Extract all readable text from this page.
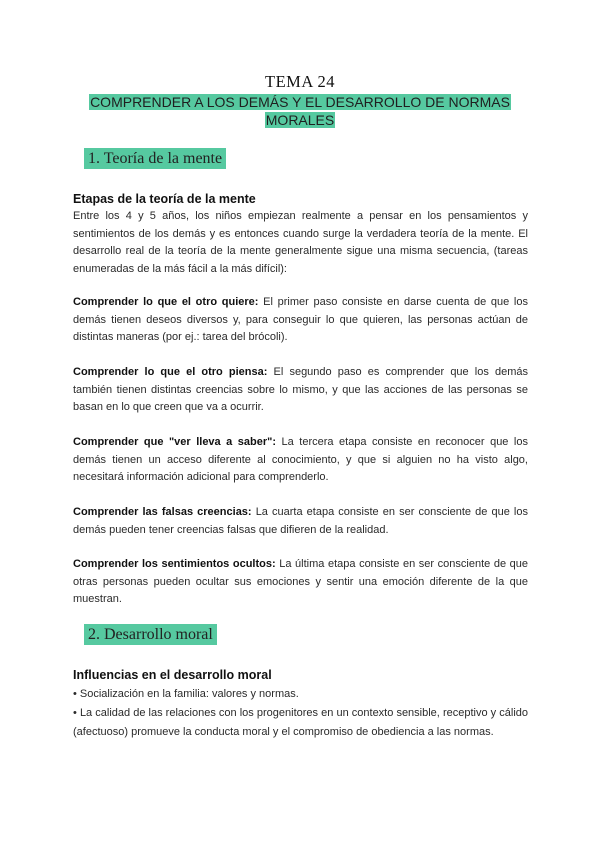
TEMA 24
COMPRENDER A LOS DEMÁS Y EL DESARROLLO DE NORMAS
MORALES
1. Teoría de la mente
Etapas de la teoría de la mente
Entre los 4 y 5 años, los niños empiezan realmente a pensar en los pensamientos y sentimientos de los demás y es entonces cuando surge la verdadera teoría de la mente. El desarrollo real de la teoría de la mente generalmente sigue una misma secuencia, (tareas enumeradas de la más fácil a la más difícil):
Comprender lo que el otro quiere: El primer paso consiste en darse cuenta de que los demás tienen deseos diversos y, para conseguir lo que quieren, las personas actúan de distintas maneras (por ej.: tarea del brócoli).
Comprender lo que el otro piensa: El segundo paso es comprender que los demás también tienen distintas creencias sobre lo mismo, y que las acciones de las personas se basan en lo que creen que va a ocurrir.
Comprender que "ver lleva a saber": La tercera etapa consiste en reconocer que los demás tienen un acceso diferente al conocimiento, y que si alguien no ha visto algo, necesitará información adicional para comprenderlo.
Comprender las falsas creencias: La cuarta etapa consiste en ser consciente de que los demás pueden tener creencias falsas que difieren de la realidad.
Comprender los sentimientos ocultos: La última etapa consiste en ser consciente de que otras personas pueden ocultar sus emociones y sentir una emoción diferente de la que muestran.
2. Desarrollo moral
Influencias en el desarrollo moral
• Socialización en la familia: valores y normas.
• La calidad de las relaciones con los progenitores en un contexto sensible, receptivo y cálido (afectuoso) promueve la conducta moral y el compromiso de obediencia a las normas.
